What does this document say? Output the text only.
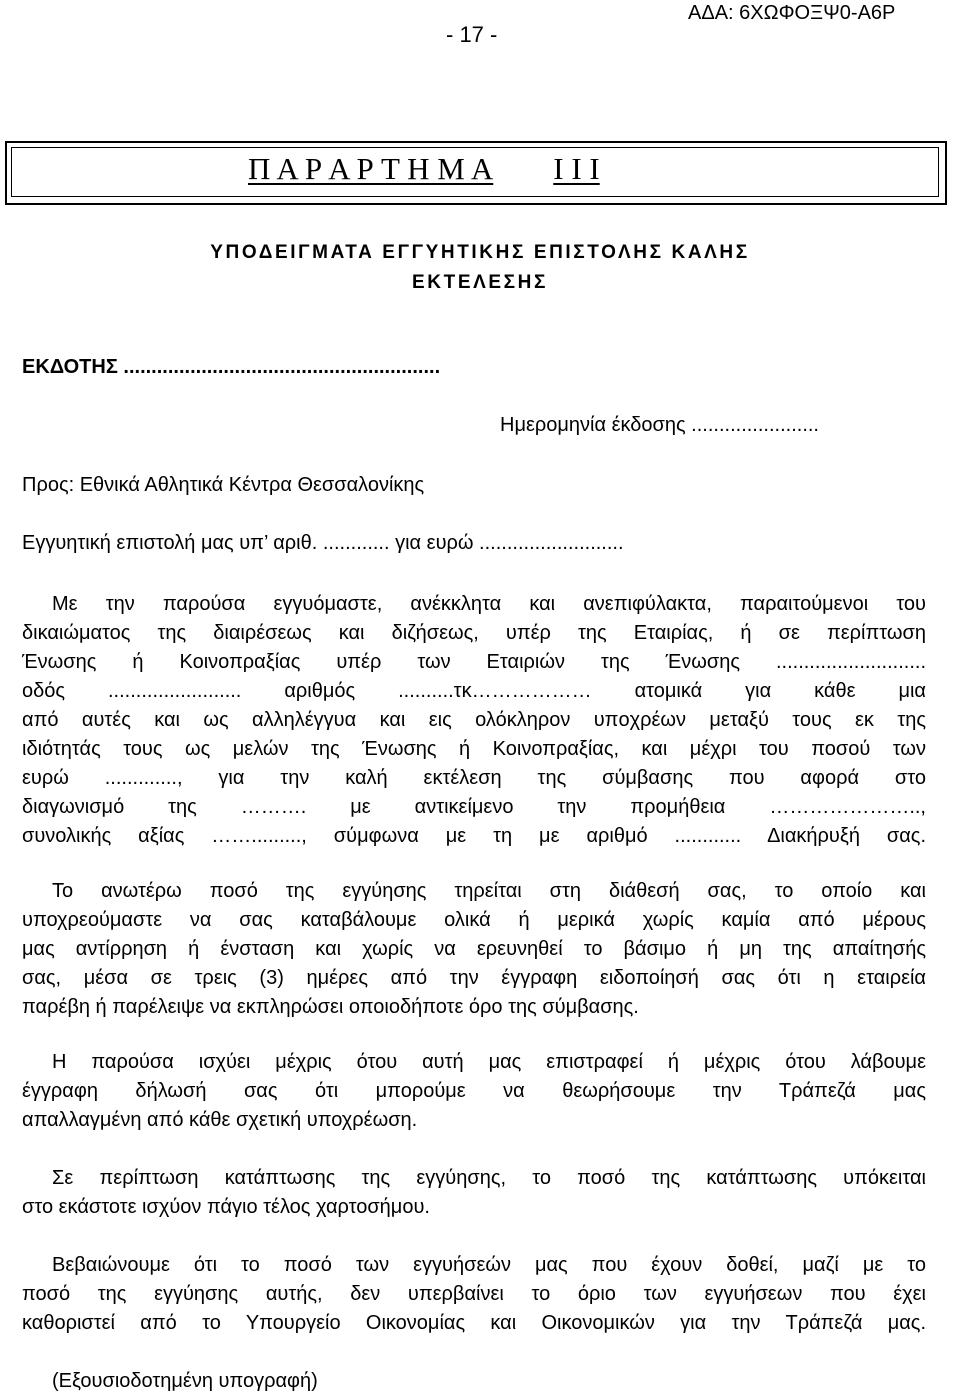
- 17 -
ΑΔΑ: 6ΧΩΦΟΞΨ0-Α6Ρ
Π Α Ρ Α Ρ Τ Η Μ Α I I I
ΥΠΟΔΕΙΓΜΑΤΑ ΕΓΓΥΗΤΙΚΗΣ ΕΠΙΣΤΟΛΗΣ ΚΑΛΗΣ
ΕΚΤΕΛΕΣΗΣ
ΕΚΔΟΤΗΣ .........................................................
Ημερομηνία έκδοσης .......................
Προς: Εθνικά Αθλητικά Κέντρα Θεσσαλονίκης
Εγγυητική επιστολή μας υπ’ αριθ. ............ για ευρώ ..........................
Με την παρούσα εγγυόμαστε, ανέκκλητα και ανεπιφύλακτα, παραιτούμενοι του
δικαιώματος της διαιρέσεως και διζήσεως, υπέρ της Εταιρίας, ή σε περίπτωση
Ένωσης ή Κοινοπραξίας υπέρ των Εταιριών της Ένωσης ...........................
οδός ........................ αριθμός ..........τκ……………… ατομικά για κάθε μια
από αυτές και ως αλληλέγγυα και εις ολόκληρον υπoχρέων μεταξύ τους εκ της
ιδιότητάς τους ως μελών της Ένωσης ή Κοινοπραξίας, και μέχρι του ποσού των
ευρώ ............., για την καλή εκτέλεση της σύμβασης που αφορά στο
διαγωνισμό της ………. με αντικείμενο την προμήθεια …………………..,
συνολικής αξίας ……........., σύμφωνα με τη με αριθμό ............ Διακήρυξή σας.
Το ανωτέρω ποσό της εγγύησης τηρείται στη διάθεσή σας, το οποίο και
υποχρεούμαστε να σας καταβάλουμε ολικά ή μερικά χωρίς καμία από μέρους
μας αντίρρηση ή ένσταση και χωρίς να ερευνηθεί το βάσιμο ή μη της απαίτησής
σας, μέσα σε τρεις (3) ημέρες από την έγγραφη ειδοποίησή σας ότι η εταιρεία
παρέβη ή παρέλειψε να εκπληρώσει οποιοδήποτε όρο της σύμβασης.
Η παρούσα ισχύει μέχρις ότου αυτή μας επιστραφεί ή μέχρις ότου λάβουμε
έγγραφη δήλωσή σας ότι μπορούμε να θεωρήσουμε την Τράπεζά μας
απαλλαγμένη από κάθε σχετική υποχρέωση.
Σε περίπτωση κατάπτωσης της εγγύησης, το ποσό της κατάπτωσης υπόκειται
στο εκάστοτε ισχύον πάγιο τέλος χαρτοσήμου.
Βεβαιώνουμε ότι το ποσό των εγγυήσεών μας που έχουν δοθεί, μαζί με το
ποσό της εγγύησης αυτής, δεν υπερβαίνει το όριο των εγγυήσεων που έχει
καθοριστεί από το Υπουργείο Οικονομίας και Οικονομικών για την Τράπεζά μας.
(Εξουσιοδοτημένη υπογραφή)
